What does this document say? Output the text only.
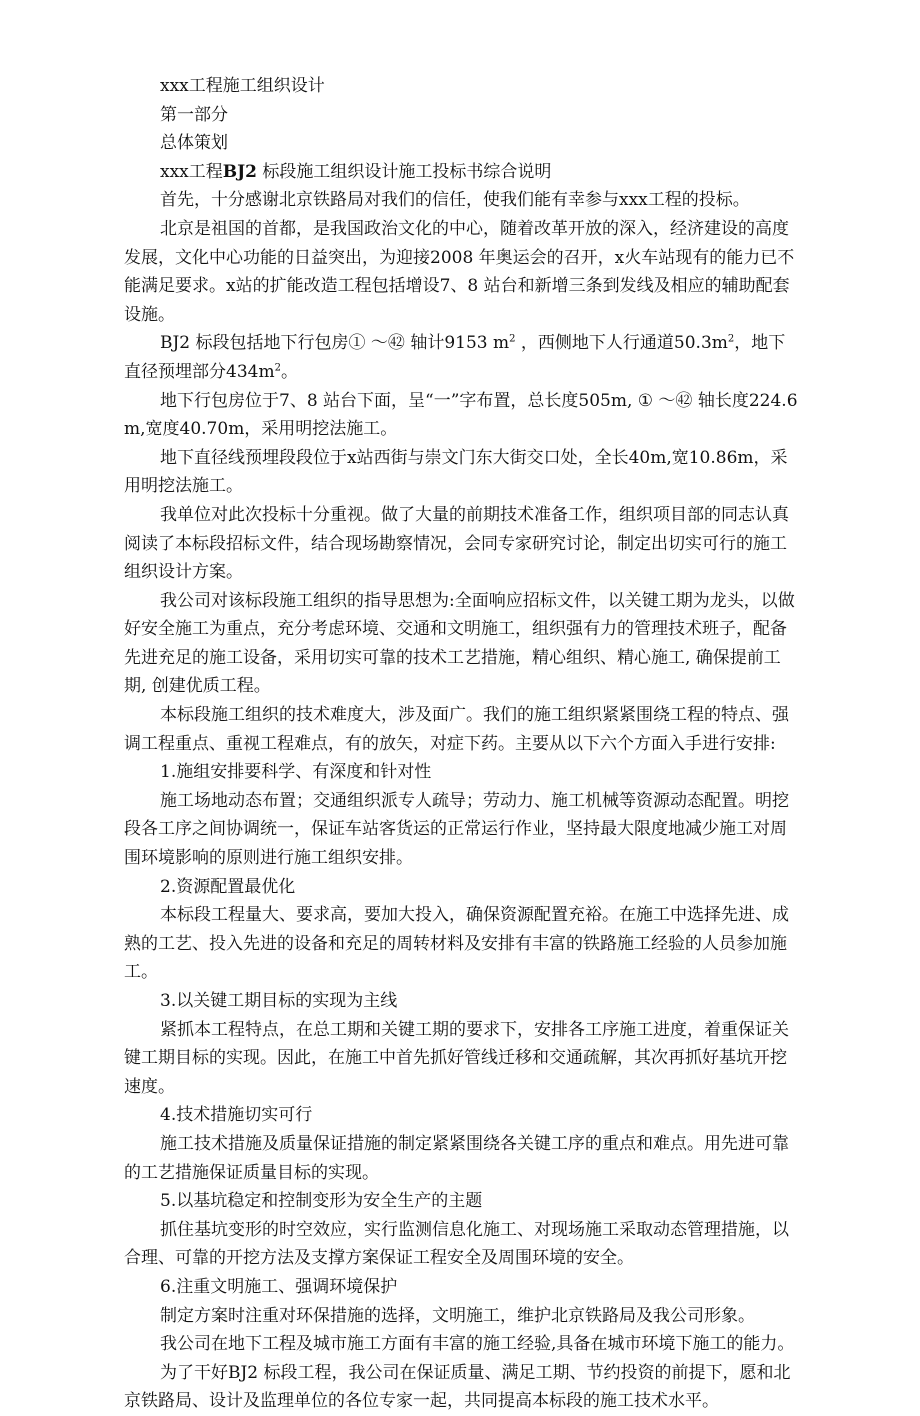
xxx工程施工组织设计

第一部分

总体策划

xxx工程BJ2 标段施工组织设计施工投标书综合说明

首先，十分感谢北京铁路局对我们的信任，使我们能有幸参与xxx工程的投标。

北京是祖国的首都，是我国政治文化的中心，随着改革开放的深入，经济建设的高度发展，文化中心功能的日益突出，为迎接2008 年奥运会的召开，x火车站现有的能力已不能满足要求。x站的扩能改造工程包括增设7、8 站台和新增三条到发线及相应的辅助配套设施。

BJ2 标段包括地下行包房① ～㊷ 轴计9153 $m^2$ ，西侧地下人行通道$50.3m^2$，地下直径预埋部分$434m^2$。

地下行包房位于7、8 站台下面，呈“一”字布置，总长度505m, ① ～㊷ 轴长度224.6 m,宽度40.70m，采用明挖法施工。

地下直径线预埋段段位于x站西街与崇文门东大街交口处，全长40m,宽10.86m，采用明挖法施工。

我单位对此次投标十分重视。做了大量的前期技术准备工作，组织项目部的同志认真阅读了本标段招标文件，结合现场勘察情况，会同专家研究讨论，制定出切实可行的施工组织设计方案。

我公司对该标段施工组织的指导思想为:全面响应招标文件，以关键工期为龙头，以做好安全施工为重点，充分考虑环境、交通和文明施工，组织强有力的管理技术班子，配备先进充足的施工设备，采用切实可靠的技术工艺措施，精心组织、精心施工, 确保提前工期, 创建优质工程。

本标段施工组织的技术难度大，涉及面广。我们的施工组织紧紧围绕工程的特点、强调工程重点、重视工程难点，有的放矢，对症下药。主要从以下六个方面入手进行安排:

1.施组安排要科学、有深度和针对性

施工场地动态布置；交通组织派专人疏导；劳动力、施工机械等资源动态配置。明挖段各工序之间协调统一，保证车站客货运的正常运行作业，坚持最大限度地减少施工对周围环境影响的原则进行施工组织安排。

2.资源配置最优化

本标段工程量大、要求高，要加大投入，确保资源配置充裕。在施工中选择先进、成熟的工艺、投入先进的设备和充足的周转材料及安排有丰富的铁路施工经验的人员参加施工。

3.以关键工期目标的实现为主线

紧抓本工程特点，在总工期和关键工期的要求下，安排各工序施工进度，着重保证关键工期目标的实现。因此，在施工中首先抓好管线迁移和交通疏解，其次再抓好基坑开挖速度。

4.技术措施切实可行

施工技术措施及质量保证措施的制定紧紧围绕各关键工序的重点和难点。用先进可靠的工艺措施保证质量目标的实现。

5.以基坑稳定和控制变形为安全生产的主题

抓住基坑变形的时空效应，实行监测信息化施工、对现场施工采取动态管理措施，以合理、可靠的开挖方法及支撑方案保证工程安全及周围环境的安全。

6.注重文明施工、强调环境保护

制定方案时注重对环保措施的选择，文明施工，维护北京铁路局及我公司形象。

我公司在地下工程及城市施工方面有丰富的施工经验,具备在城市环境下施工的能力。

为了干好BJ2 标段工程，我公司在保证质量、满足工期、节约投资的前提下，愿和北京铁路局、设计及监理单位的各位专家一起，共同提高本标段的施工技术水平。
